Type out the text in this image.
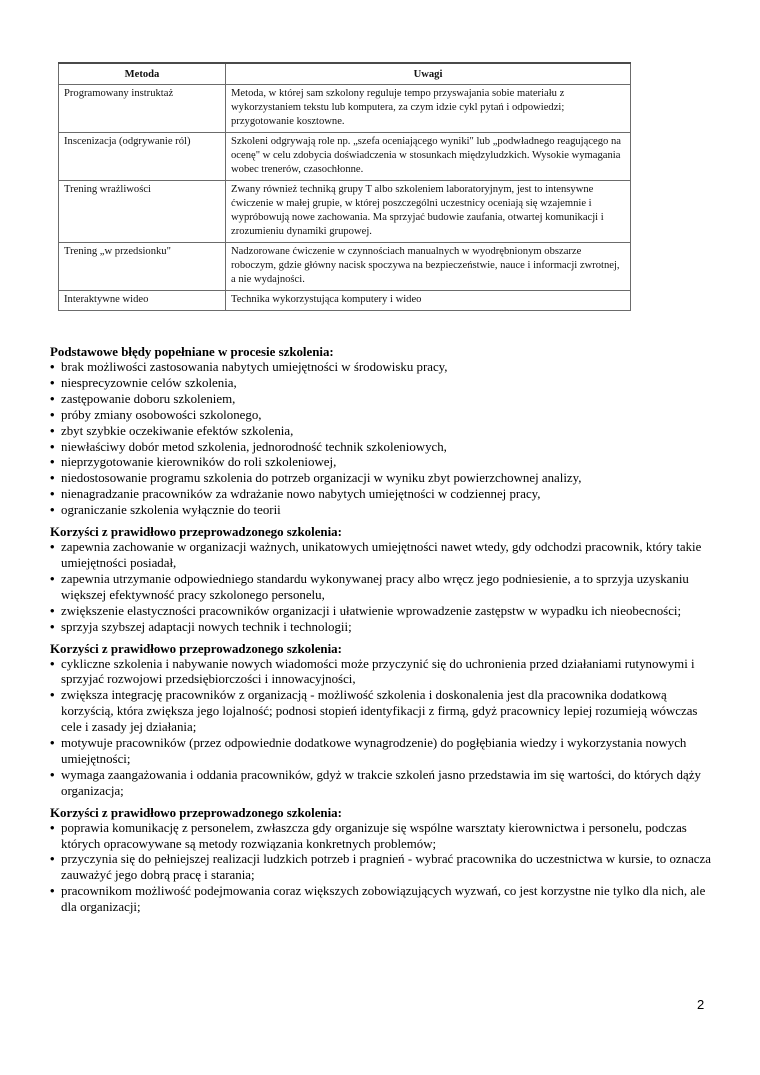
Metoda	Uwagi
Programowany instruktaż	Metoda, w której sam szkolony reguluje tempo przyswajania sobie materiału z wykorzystaniem tekstu lub komputera, za czym idzie cykl pytań i odpowiedzi; przygotowanie kosztowne.
Inscenizacja (odgrywanie ról)	Szkoleni odgrywają role np. „szefa oceniającego wyniki" lub „podwładnego reagującego na ocenę" w celu zdobycia doświadczenia w stosunkach międzyludzkich. Wysokie wymagania wobec trenerów, czasochłonne.
Trening wrażliwości	Zwany również techniką grupy T albo szkoleniem laboratoryjnym, jest to intensywne ćwiczenie w małej grupie, w której poszczególni uczestnicy oceniają się wzajemnie i wypróbowują nowe zachowania. Ma sprzyjać budowie zaufania, otwartej komunikacji i zrozumieniu dynamiki grupowej.
Trening „w przedsionku"	Nadzorowane ćwiczenie w czynnościach manualnych w wyodrębnionym obszarze roboczym, gdzie główny nacisk spoczywa na bezpieczeństwie, nauce i informacji zwrotnej, a nie wydajności.
Interaktywne wideo	Technika wykorzystująca komputery i wideo
Podstawowe błędy popełniane w procesie szkolenia:
• brak możliwości zastosowania nabytych umiejętności w środowisku pracy,
• niesprecyzownie celów szkolenia,
• zastępowanie doboru szkoleniem,
• próby zmiany osobowości szkolonego,
• zbyt szybkie oczekiwanie efektów szkolenia,
• niewłaściwy dobór metod szkolenia, jednorodność technik szkoleniowych,
• nieprzygotowanie kierowników do roli szkoleniowej,
• niedostosowanie programu szkolenia do potrzeb organizacji w wyniku zbyt powierzchownej analizy,
• nienagradzanie pracowników za wdrażanie nowo nabytych umiejętności w codziennej pracy,
• ograniczanie szkolenia wyłącznie do teorii
Korzyści z prawidłowo przeprowadzonego szkolenia:
• zapewnia zachowanie w organizacji ważnych, unikatowych umiejętności nawet wtedy, gdy odchodzi pracownik, który takie umiejętności posiadał,
• zapewnia utrzymanie odpowiedniego standardu wykonywanej pracy albo wręcz jego podniesienie, a to sprzyja uzyskaniu większej efektywność pracy szkolonego personelu,
• zwiększenie elastyczności pracowników organizacji i ułatwienie wprowadzenie zastępstw w wypadku ich nieobecności;
• sprzyja szybszej adaptacji nowych technik i technologii;
Korzyści z prawidłowo przeprowadzonego szkolenia:
• cykliczne szkolenia i nabywanie nowych wiadomości może przyczynić się do uchronienia przed działaniami rutynowymi i sprzyjać rozwojowi przedsiębiorczości i innowacyjności,
• zwiększa integrację pracowników z organizacją - możliwość szkolenia i doskonalenia jest dla pracownika dodatkową korzyścią, która zwiększa jego lojalność; podnosi stopień identyfikacji z firmą, gdyż pracownicy lepiej rozumieją wówczas cele i zasady jej działania;
• motywuje pracowników (przez odpowiednie dodatkowe wynagrodzenie) do pogłębiania wiedzy i wykorzystania nowych umiejętności;
• wymaga zaangażowania i oddania pracowników, gdyż w trakcie szkoleń jasno przedstawia im się wartości, do których dąży organizacja;
Korzyści z prawidłowo przeprowadzonego szkolenia:
• poprawia komunikację z personelem, zwłaszcza gdy organizuje się wspólne warsztaty kierownictwa i personelu, podczas których opracowywane są metody rozwiązania konkretnych problemów;
• przyczynia się do pełniejszej realizacji ludzkich potrzeb i pragnień - wybrać pracownika do uczestnictwa w kursie, to oznacza zauważyć jego dobrą pracę i starania;
• pracownikom możliwość podejmowania coraz większych zobowiązujących wyzwań, co jest korzystne nie tylko dla nich, ale dla organizacji;
2
